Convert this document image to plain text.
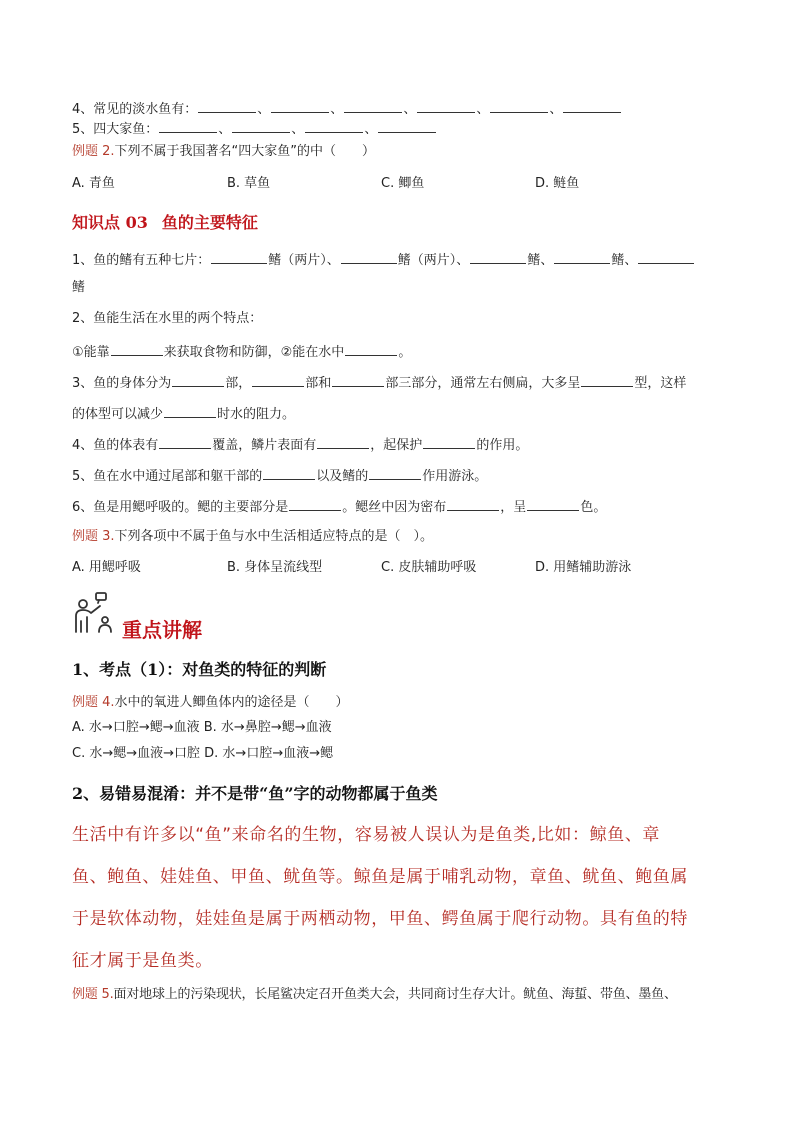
4、常见的淡水鱼有：	、	、	、	、	、
5、四大家鱼：	、	、	、
例题 2.下列不属于我国著名“四大家鱼”的中（　　）
A. 青鱼	B. 草鱼	C. 鲫鱼	D. 鲢鱼
知识点 03 鱼的主要特征
1、鱼的鳍有五种七片：	鳍（两片）、	鳍（两片）、	鳍、	鳍、
鳍
2、鱼能生活在水里的两个特点：
①能靠	来获取食物和防御，②能在水中	。
3、鱼的身体分为	部，	部和	部三部分，通常左右侧扁，大多呈	型，这样
的体型可以减少	时水的阻力。
4、鱼的体表有	覆盖，鳞片表面有	，起保护	的作用。
5、鱼在水中通过尾部和躯干部的	以及鳍的	作用游泳。
6、鱼是用鳃呼吸的。鳃的主要部分是	。鳃丝中因为密布	，呈	色。
例题 3.下列各项中不属于鱼与水中生活相适应特点的是（　）。
A. 用鳃呼吸	B. 身体呈流线型	C. 皮肤辅助呼吸	D. 用鳍辅助游泳
重点讲解
1、考点（1）：对鱼类的特征的判断
例题 4.水中的氧进人鲫鱼体内的途径是（　　）
A. 水→口腔→鳃→血液 B. 水→鼻腔→鳃→血液
C. 水→鳃→血液→口腔 D. 水→口腔→血液→鳃
2、易错易混淆：并不是带“鱼”字的动物都属于鱼类
生活中有许多以“鱼”来命名的生物，容易被人误认为是鱼类,比如：鲸鱼、章
鱼、鲍鱼、娃娃鱼、甲鱼、鱿鱼等。鲸鱼是属于哺乳动物，章鱼、鱿鱼、鲍鱼属
于是软体动物，娃娃鱼是属于两栖动物，甲鱼、鳄鱼属于爬行动物。具有鱼的特
征才属于是鱼类。
例题 5.面对地球上的污染现状，长尾鲨决定召开鱼类大会，共同商讨生存大计。鱿鱼、海蜇、带鱼、墨鱼、
